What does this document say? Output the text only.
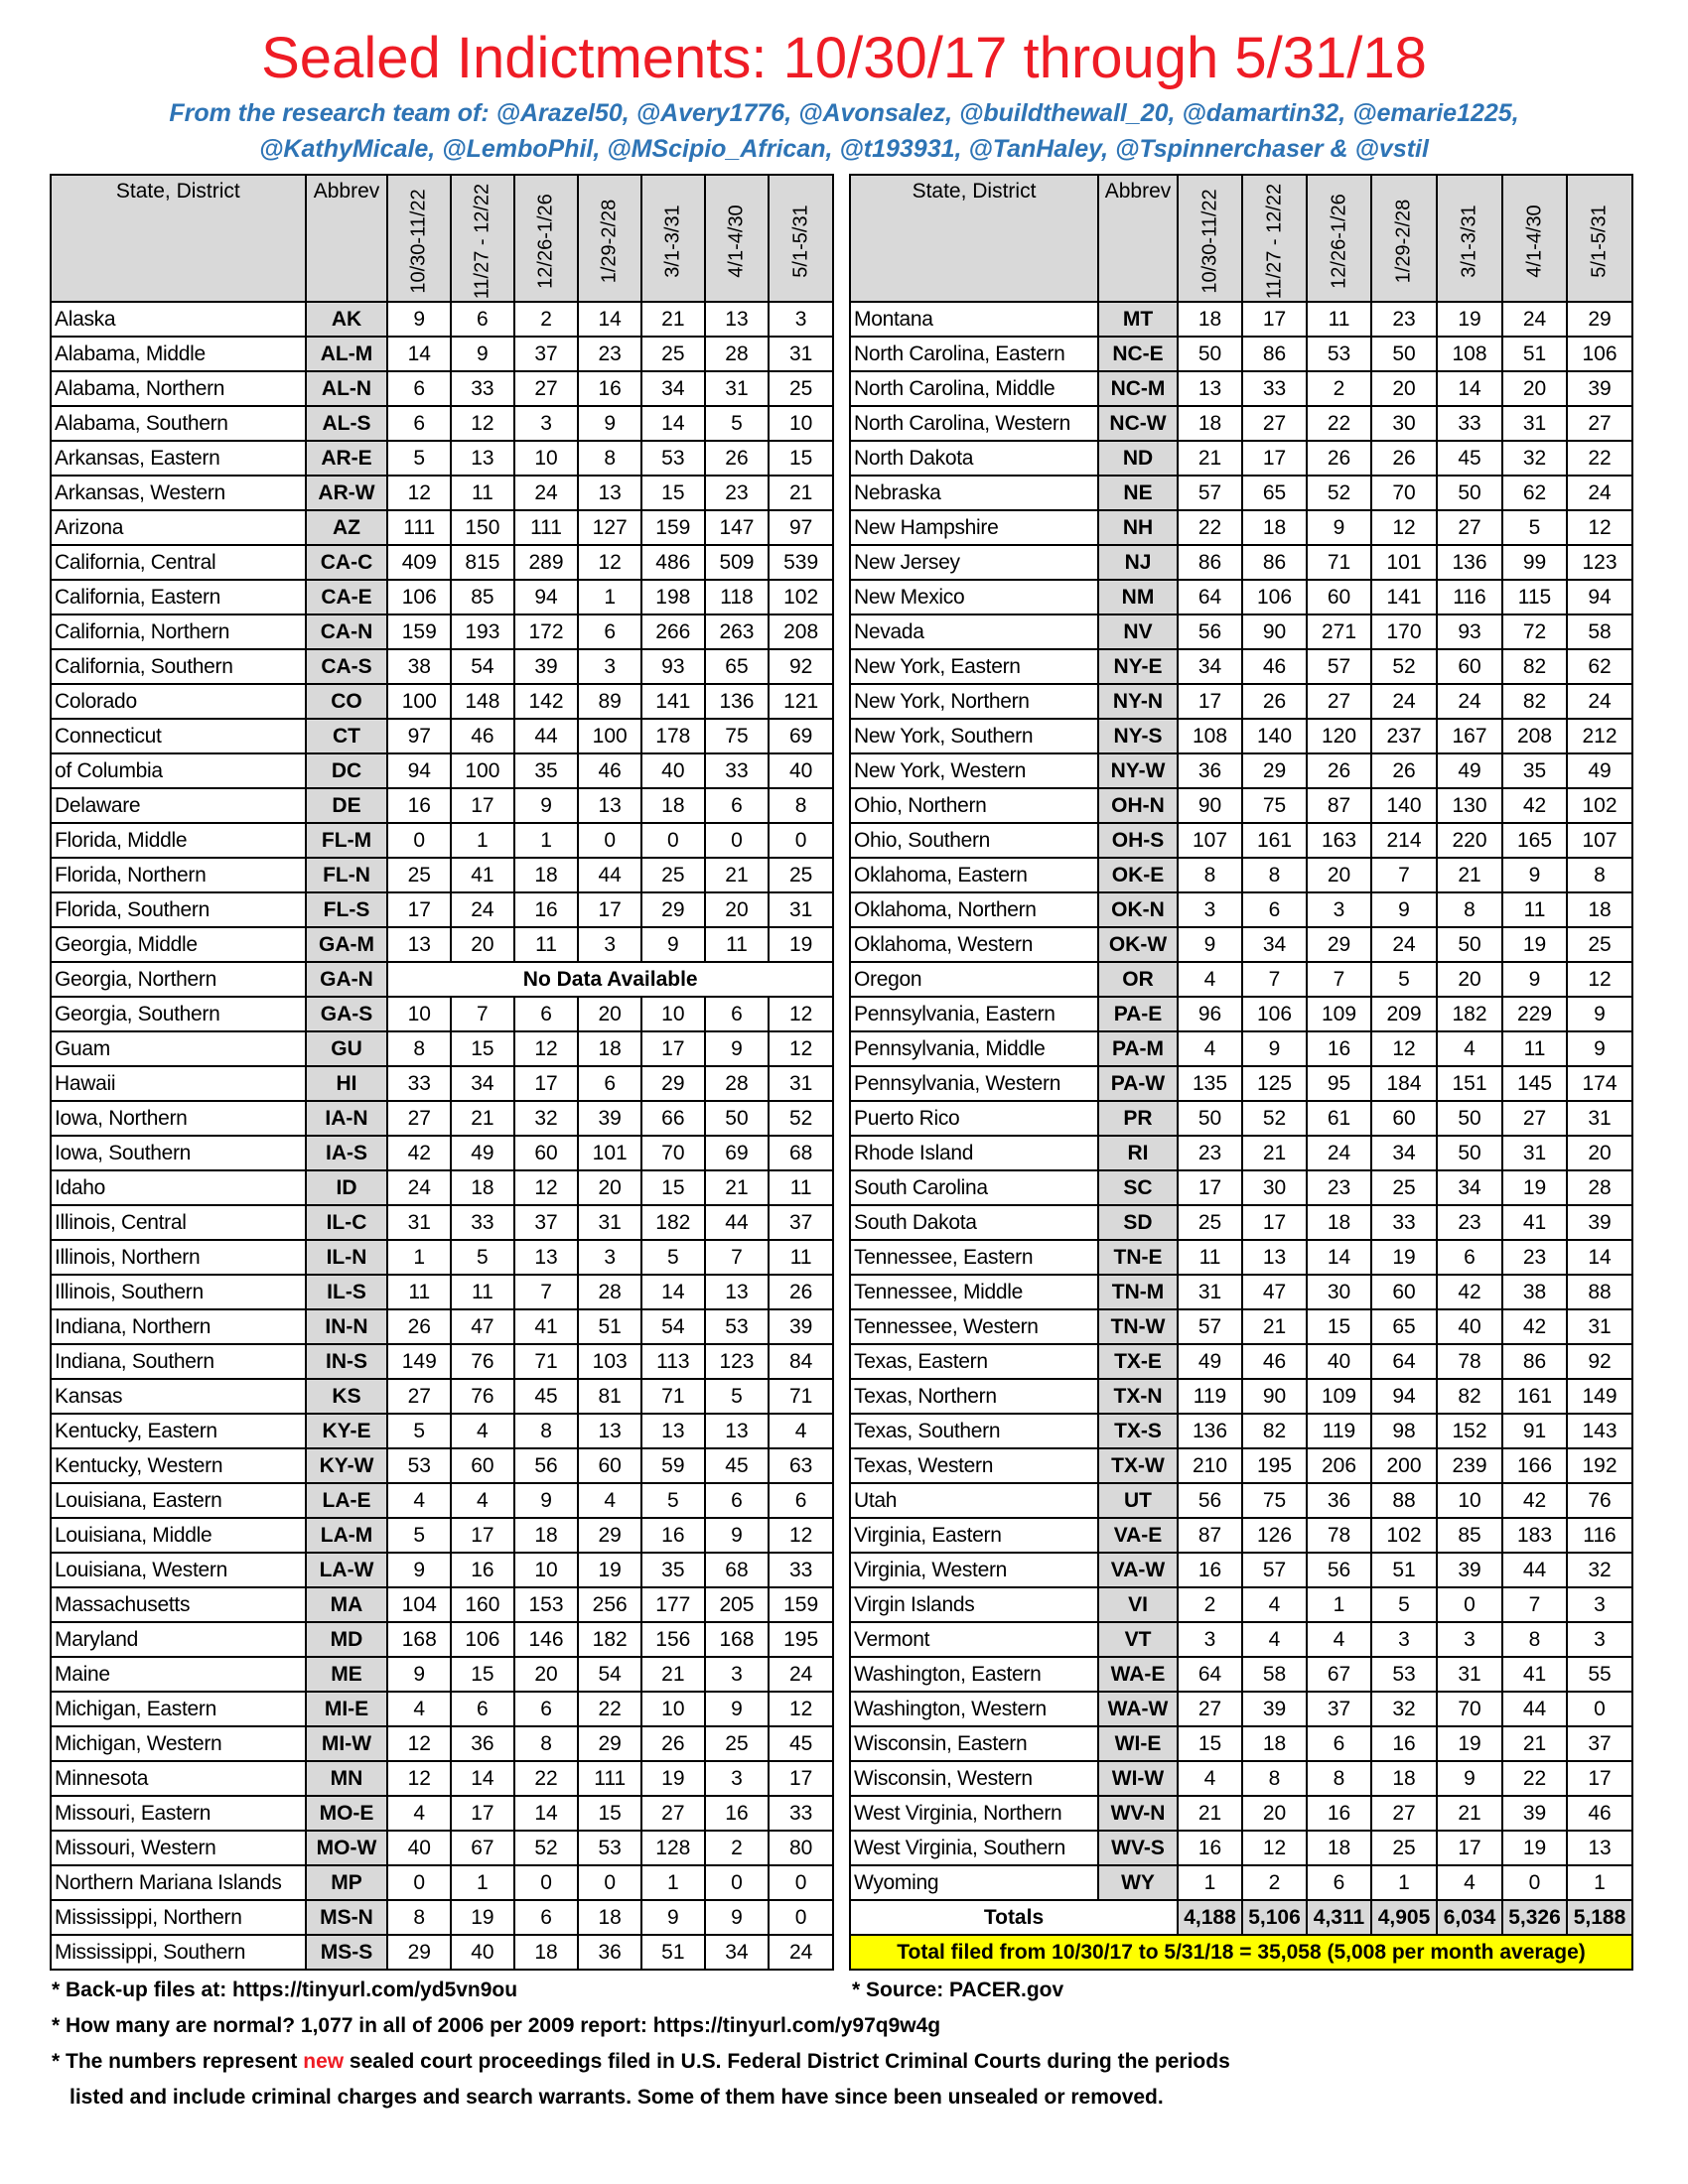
Sealed Indictments: 10/30/17 through 5/31/18
From the research team of: @Arazel50, @Avery1776, @Avonsalez, @buildthewall_20, @damartin32, @emarie1225,
@KathyMicale, @LemboPhil, @MScipio_African, @t193931, @TanHaley, @Tspinnerchaser & @vstil
State, District	Abbrev	10/30-11/22	11/27 - 12/22	12/26-1/26	1/29-2/28	3/1-3/31	4/1-4/30	5/1-5/31

Alaska	AK	9	6	2	14	21	13	3
Alabama, Middle	AL-M	14	9	37	23	25	28	31
Alabama, Northern	AL-N	6	33	27	16	34	31	25
Alabama, Southern	AL-S	6	12	3	9	14	5	10
Arkansas, Eastern	AR-E	5	13	10	8	53	26	15
Arkansas, Western	AR-W	12	11	24	13	15	23	21
Arizona	AZ	111	150	111	127	159	147	97
California, Central	CA-C	409	815	289	12	486	509	539
California, Eastern	CA-E	106	85	94	1	198	118	102
California, Northern	CA-N	159	193	172	6	266	263	208
California, Southern	CA-S	38	54	39	3	93	65	92
Colorado	CO	100	148	142	89	141	136	121
Connecticut	CT	97	46	44	100	178	75	69
of Columbia	DC	94	100	35	46	40	33	40
Delaware	DE	16	17	9	13	18	6	8
Florida, Middle	FL-M	0	1	1	0	0	0	0
Florida, Northern	FL-N	25	41	18	44	25	21	25
Florida, Southern	FL-S	17	24	16	17	29	20	31
Georgia, Middle	GA-M	13	20	11	3	9	11	19
Georgia, Northern	GA-N	No Data Available						
Georgia, Southern	GA-S	10	7	6	20	10	6	12
Guam	GU	8	15	12	18	17	9	12
Hawaii	HI	33	34	17	6	29	28	31
Iowa, Northern	IA-N	27	21	32	39	66	50	52
Iowa, Southern	IA-S	42	49	60	101	70	69	68
Idaho	ID	24	18	12	20	15	21	11
Illinois, Central	IL-C	31	33	37	31	182	44	37
Illinois, Northern	IL-N	1	5	13	3	5	7	11
Illinois, Southern	IL-S	11	11	7	28	14	13	26
Indiana, Northern	IN-N	26	47	41	51	54	53	39
Indiana, Southern	IN-S	149	76	71	103	113	123	84
Kansas	KS	27	76	45	81	71	5	71
Kentucky, Eastern	KY-E	5	4	8	13	13	13	4
Kentucky, Western	KY-W	53	60	56	60	59	45	63
Louisiana, Eastern	LA-E	4	4	9	4	5	6	6
Louisiana, Middle	LA-M	5	17	18	29	16	9	12
Louisiana, Western	LA-W	9	16	10	19	35	68	33
Massachusetts	MA	104	160	153	256	177	205	159
Maryland	MD	168	106	146	182	156	168	195
Maine	ME	9	15	20	54	21	3	24
Michigan, Eastern	MI-E	4	6	6	22	10	9	12
Michigan, Western	MI-W	12	36	8	29	26	25	45
Minnesota	MN	12	14	22	111	19	3	17
Missouri, Eastern	MO-E	4	17	14	15	27	16	33
Missouri, Western	MO-W	40	67	52	53	128	2	80
Northern Mariana Islands	MP	0	1	0	0	1	0	0
Mississippi, Northern	MS-N	8	19	6	18	9	9	0
Mississippi, Southern	MS-S	29	40	18	36	51	34	24
State, District	Abbrev	10/30-11/22	11/27 - 12/22	12/26-1/26	1/29-2/28	3/1-3/31	4/1-4/30	5/1-5/31

Montana	MT	18	17	11	23	19	24	29
North Carolina, Eastern	NC-E	50	86	53	50	108	51	106
North Carolina, Middle	NC-M	13	33	2	20	14	20	39
North Carolina, Western	NC-W	18	27	22	30	33	31	27
North Dakota	ND	21	17	26	26	45	32	22
Nebraska	NE	57	65	52	70	50	62	24
New Hampshire	NH	22	18	9	12	27	5	12
New Jersey	NJ	86	86	71	101	136	99	123
New Mexico	NM	64	106	60	141	116	115	94
Nevada	NV	56	90	271	170	93	72	58
New York, Eastern	NY-E	34	46	57	52	60	82	62
New York, Northern	NY-N	17	26	27	24	24	82	24
New York, Southern	NY-S	108	140	120	237	167	208	212
New York, Western	NY-W	36	29	26	26	49	35	49
Ohio, Northern	OH-N	90	75	87	140	130	42	102
Ohio, Southern	OH-S	107	161	163	214	220	165	107
Oklahoma, Eastern	OK-E	8	8	20	7	21	9	8
Oklahoma, Northern	OK-N	3	6	3	9	8	11	18
Oklahoma, Western	OK-W	9	34	29	24	50	19	25
Oregon	OR	4	7	7	5	20	9	12
Pennsylvania, Eastern	PA-E	96	106	109	209	182	229	9
Pennsylvania, Middle	PA-M	4	9	16	12	4	11	9
Pennsylvania, Western	PA-W	135	125	95	184	151	145	174
Puerto Rico	PR	50	52	61	60	50	27	31
Rhode Island	RI	23	21	24	34	50	31	20
South Carolina	SC	17	30	23	25	34	19	28
South Dakota	SD	25	17	18	33	23	41	39
Tennessee, Eastern	TN-E	11	13	14	19	6	23	14
Tennessee, Middle	TN-M	31	47	30	60	42	38	88
Tennessee, Western	TN-W	57	21	15	65	40	42	31
Texas, Eastern	TX-E	49	46	40	64	78	86	92
Texas, Northern	TX-N	119	90	109	94	82	161	149
Texas, Southern	TX-S	136	82	119	98	152	91	143
Texas, Western	TX-W	210	195	206	200	239	166	192
Utah	UT	56	75	36	88	10	42	76
Virginia, Eastern	VA-E	87	126	78	102	85	183	116
Virginia, Western	VA-W	16	57	56	51	39	44	32
Virgin Islands	VI	2	4	1	5	0	7	3
Vermont	VT	3	4	4	3	3	8	3
Washington, Eastern	WA-E	64	58	67	53	31	41	55
Washington, Western	WA-W	27	39	37	32	70	44	0
Wisconsin, Eastern	WI-E	15	18	6	16	19	21	37
Wisconsin, Western	WI-W	4	8	8	18	9	22	17
West Virginia, Northern	WV-N	21	20	16	27	21	39	46
West Virginia, Southern	WV-S	16	12	18	25	17	19	13
Wyoming	WY	1	2	6	1	4	0	1
Totals		4,188	5,106	4,311	4,905	6,034	5,326	5,188
Total filed from 10/30/17 to 5/31/18 = 35,058 (5,008 per month average)								
* Back-up files at: https://tinyurl.com/yd5vn9ou	* Source: PACER.gov
* How many are normal? 1,077 in all of 2006 per 2009 report: https://tinyurl.com/y97q9w4g
* The numbers represent new sealed court proceedings filed in U.S. Federal District Criminal Courts during the periods
listed and include criminal charges and search warrants. Some of them have since been unsealed or removed.
